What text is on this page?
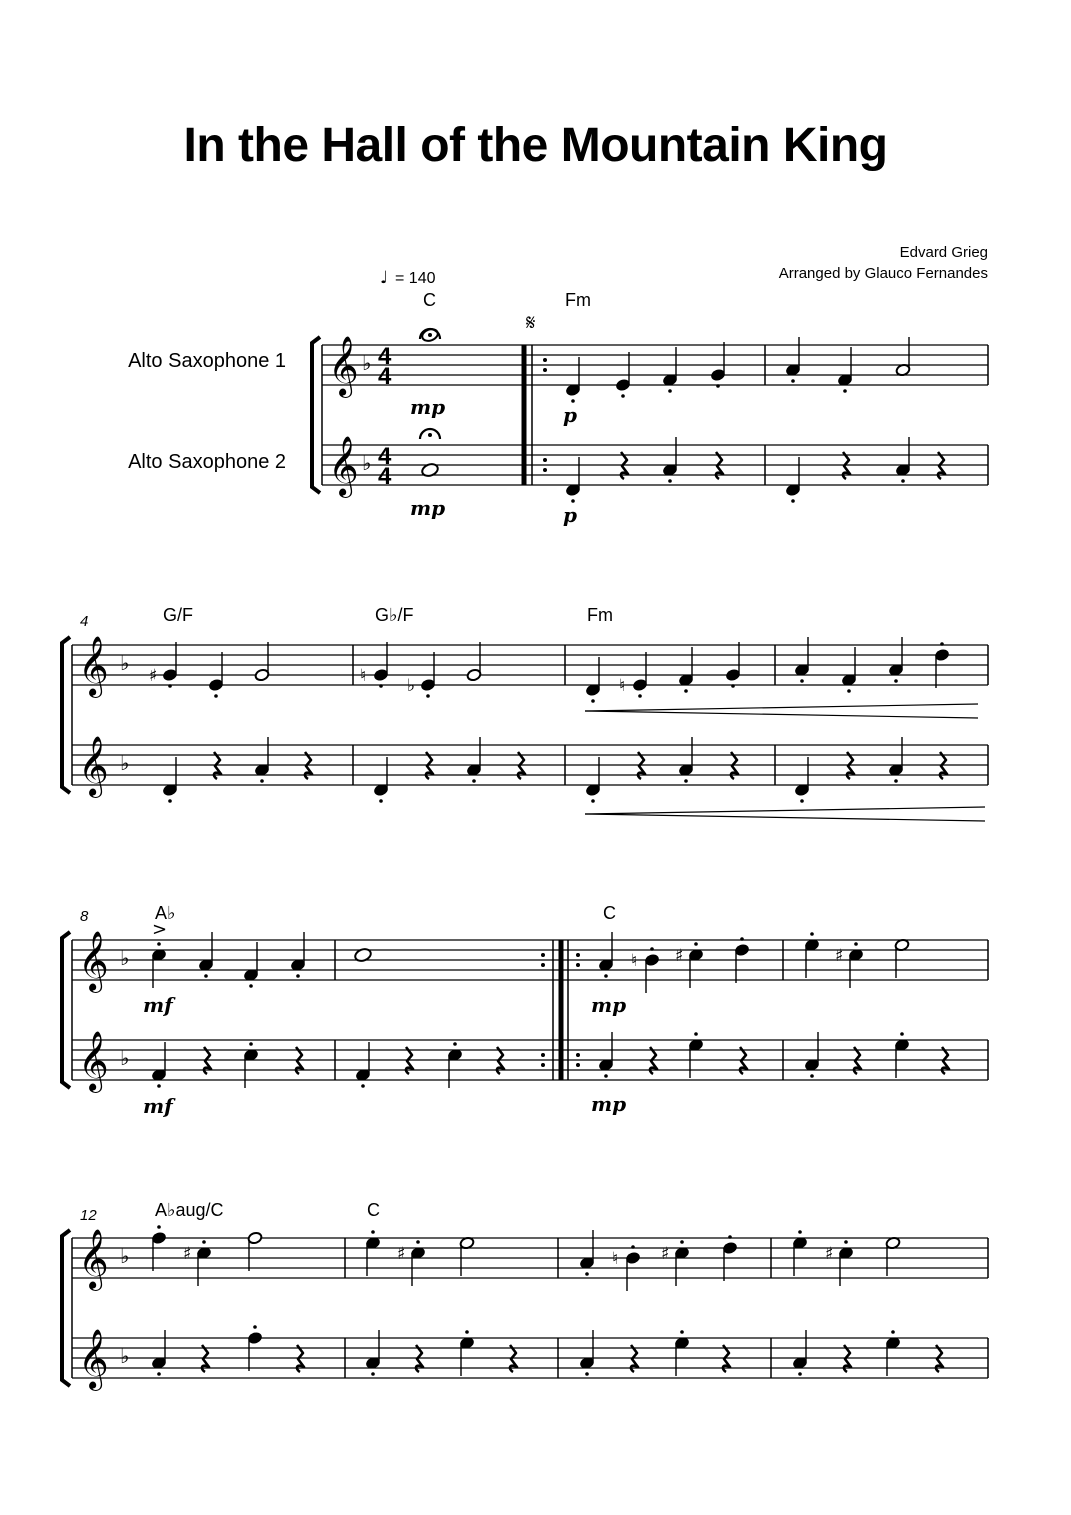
In the Hall of the Mountain King
Edvard Grieg
Arranged by Glauco Fernandes
Alto Saxophone 1
Alto Saxophone 2
𝄞 ♭ 4
4
𝄞 ♭ 4
4
♩ = 140
C
mp
mp
𝄋
Fm
p
p
𝄞 ♭
𝄞 ♭
4	G/F
♯
G♭/F
♮ ♭
Fm
♮
𝄞 ♭
𝄞 ♭
8	A♭
>
mf
mf
C
♮ ♯
mp
mp
♯
𝄞 ♭
𝄞 ♭
12	A♭aug/C
♯
C
♯	♮	♯	♯
